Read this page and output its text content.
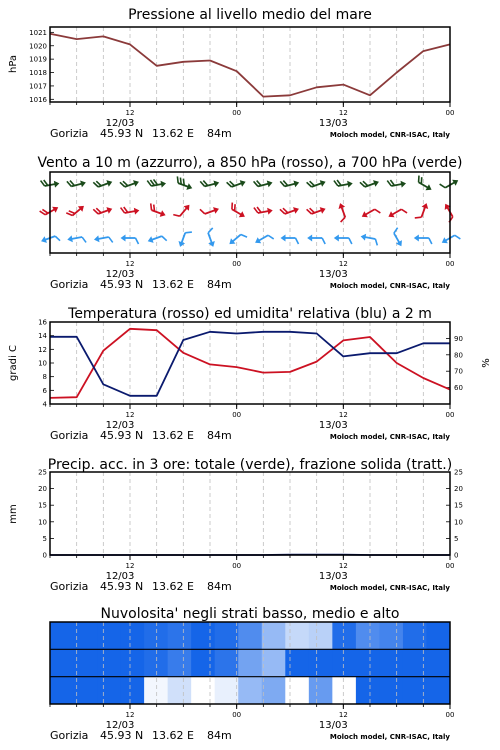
Pressione al livello medio del mare
Vento a 10 m (azzurro), a 850 hPa (rosso), a 700 hPa (verde)
Temperatura (rosso) ed umidita' relativa (blu) a 2 m
Precip. acc. in 3 ore: totale (verde), frazione solida (tratt.)
Nuvolosita' negli strati basso, medio e alto
hPa
gradi C	%
mm
12	00	12	00
12/03	13/03
Gorizia 45.93 N 13.62 E 84m	Moloch model, CNR-ISAC, Italy
1016
1017
1018
1019
1020
1021
12	00	12	00
12/03	13/03
Gorizia 45.93 N 13.62 E 84m	Moloch model, CNR-ISAC, Italy
12	00	12	00
12/03	13/03
Gorizia 45.93 N 13.62 E 84m	Moloch model, CNR-ISAC, Italy
4
6
8
10
12
14
16
60
70
80
90
12	00	12	00
12/03	13/03
Gorizia 45.93 N 13.62 E 84m	Moloch model, CNR-ISAC, Italy
0
5
10
15
20
25
0
5
10
15
20
25
12	00	12	00
12/03	13/03
Gorizia 45.93 N 13.62 E 84m	Moloch model, CNR-ISAC, Italy
